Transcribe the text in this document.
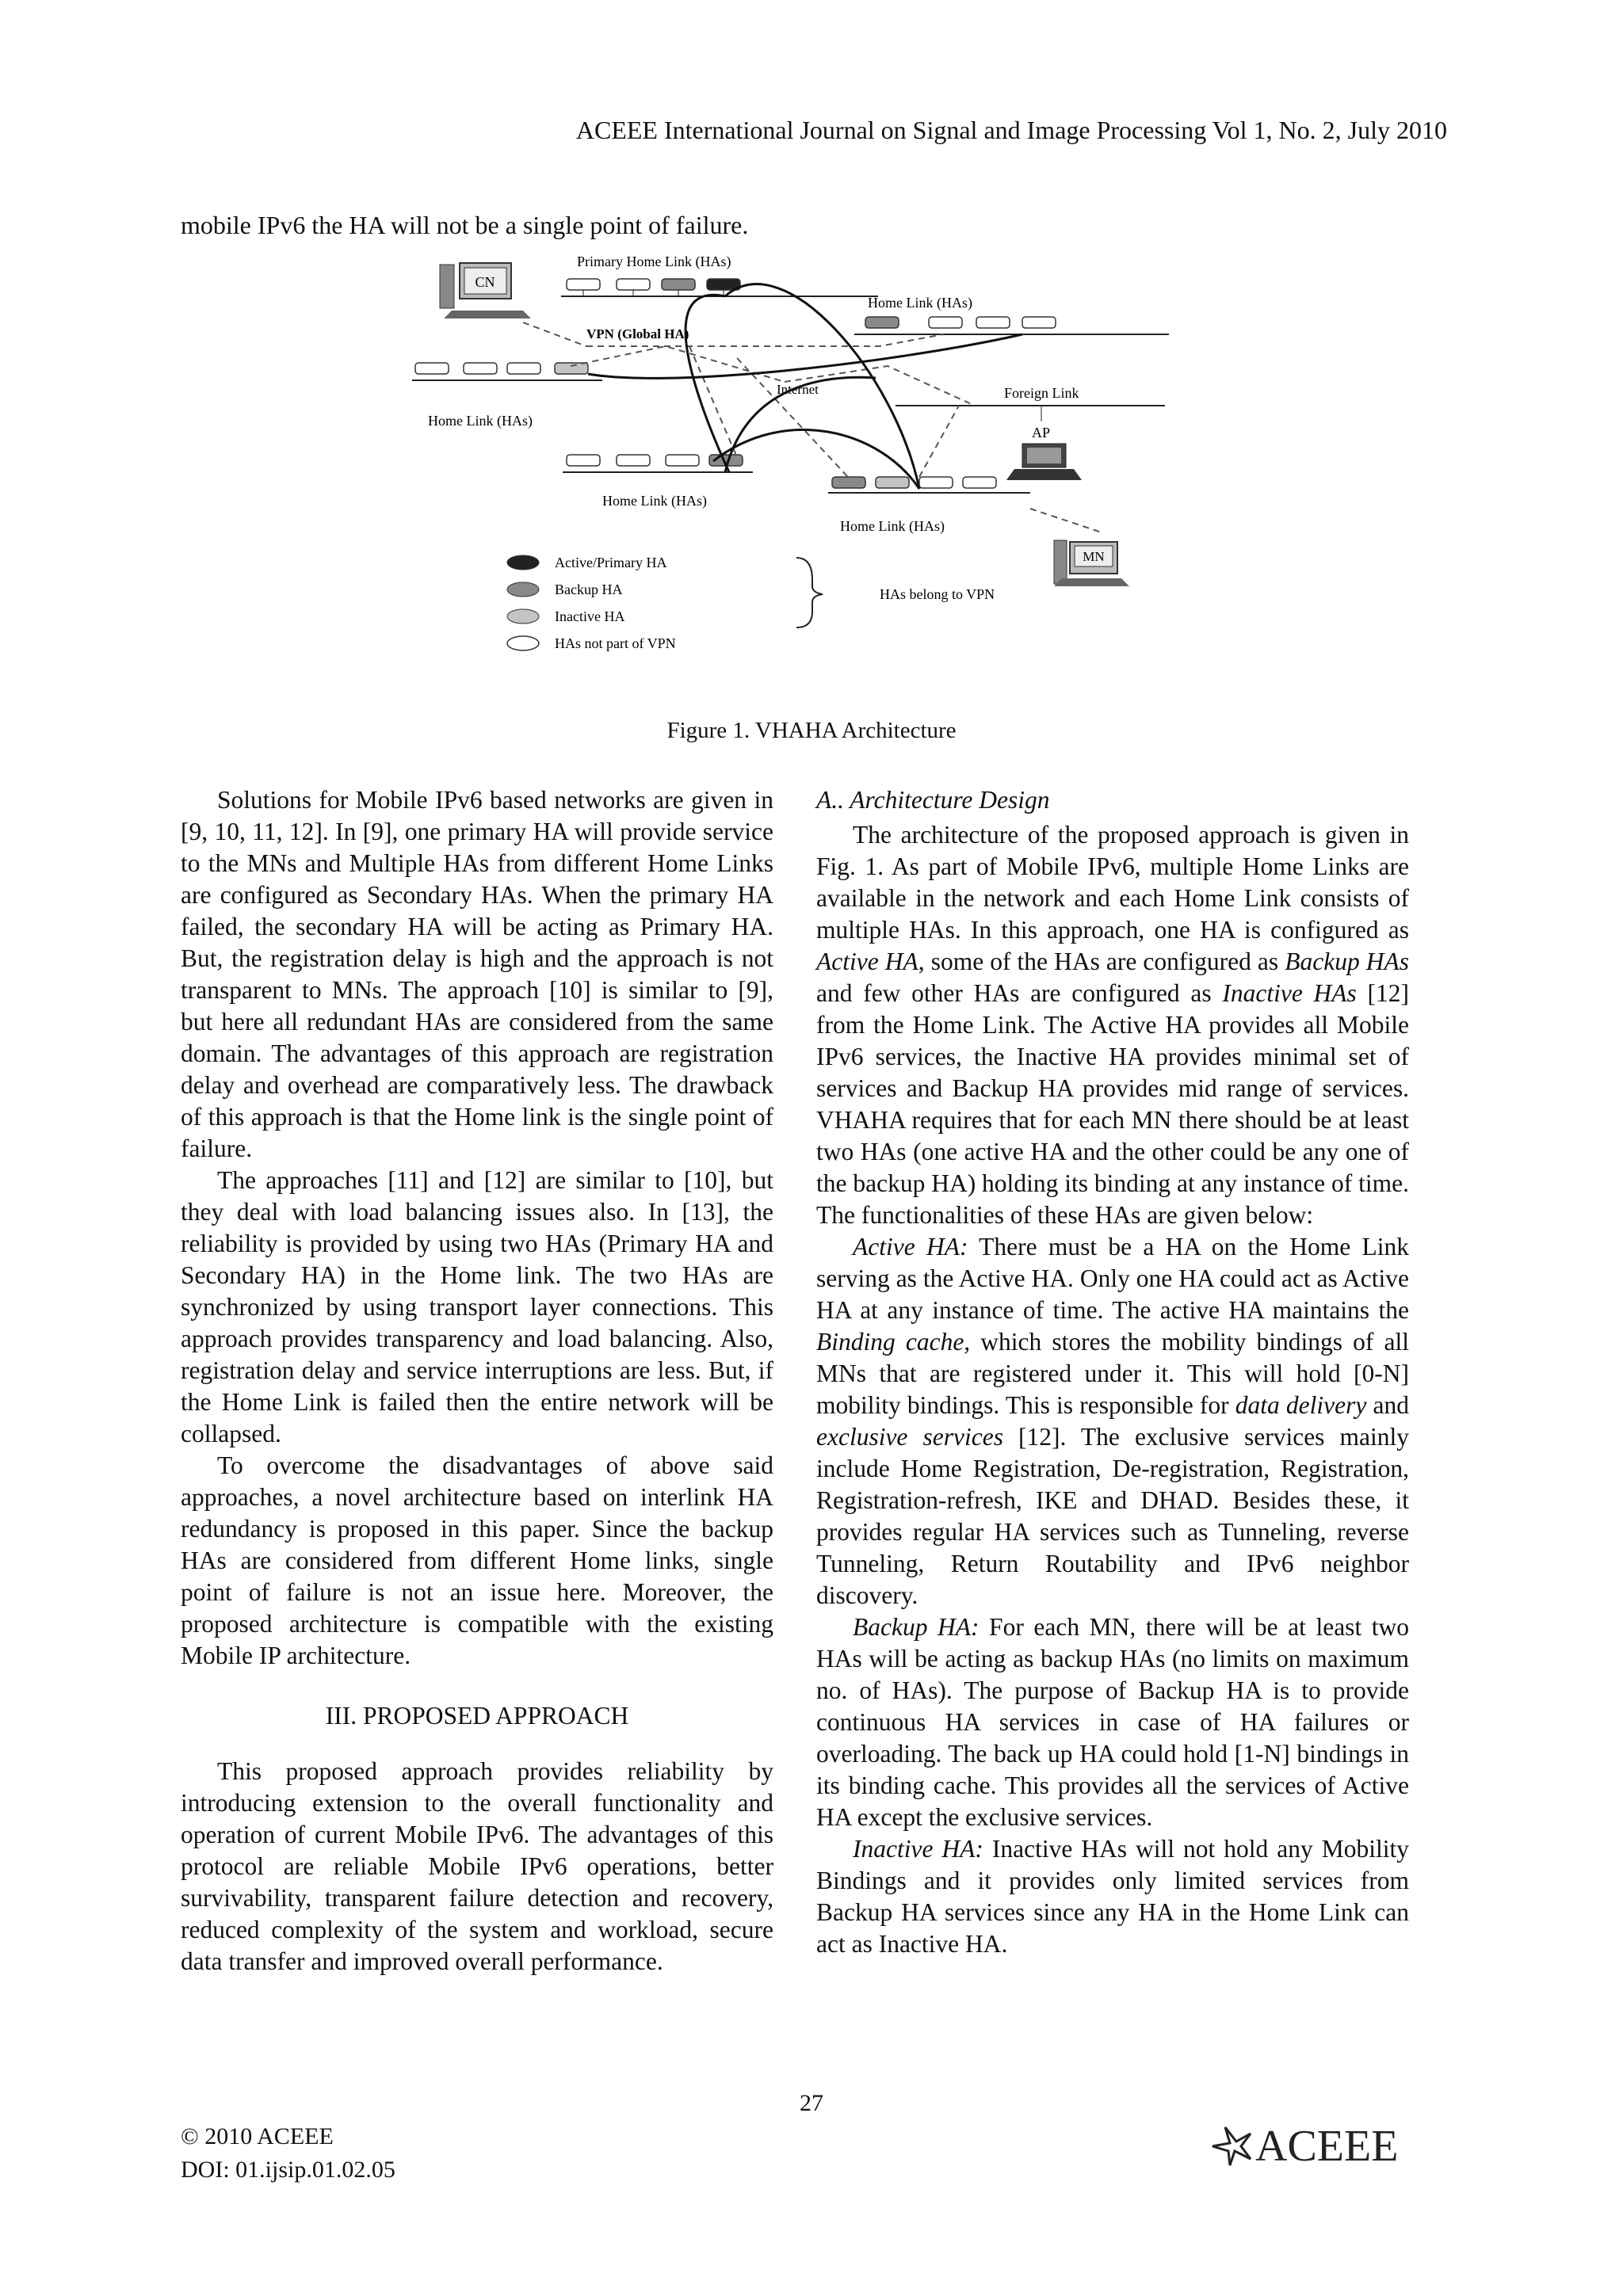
ACEEE International Journal on Signal and Image Processing Vol 1, No. 2, July 2010
mobile IPv6 the HA will not be a single point of failure.
CN
Primary Home Link (HAs)
Home Link (HAs)
VPN (Global HA)
Home Link (HAs)
Internet	Foreign Link
AP
Home Link (HAs)
Home Link (HAs)
MN
Active/Primary HA
Backup HA
Inactive HA
HAs not part of VPN
HAs belong to VPN
Figure 1. VHAHA Architecture

Solutions for Mobile IPv6 based networks are given in [9, 10, 11, 12]. In [9], one primary HA will provide service to the MNs and Multiple HAs from different Home Links are configured as Secondary HAs. When the primary HA failed, the secondary HA will be acting as Primary HA. But, the registration delay is high and the approach is not transparent to MNs. The approach [10] is similar to [9], but here all redundant HAs are considered from the same domain. The advantages of this approach are registration delay and overhead are comparatively less. The drawback of this approach is that the Home link is the single point of failure.

The approaches [11] and [12] are similar to [10], but they deal with load balancing issues also. In [13], the reliability is provided by using two HAs (Primary HA and Secondary HA) in the Home link. The two HAs are synchronized by using transport layer connections. This approach provides transparency and load balancing. Also, registration delay and service interruptions are less. But, if the Home Link is failed then the entire network will be collapsed.

To overcome the disadvantages of above said approaches, a novel architecture based on interlink HA redundancy is proposed in this paper. Since the backup HAs are considered from different Home links, single point of failure is not an issue here. Moreover, the proposed architecture is compatible with the existing Mobile IP architecture.

III. PROPOSED APPROACH

This proposed approach provides reliability by introducing extension to the overall functionality and operation of current Mobile IPv6. The advantages of this protocol are reliable Mobile IPv6 operations, better survivability, transparent failure detection and recovery, reduced complexity of the system and workload, secure data transfer and improved overall performance.

A.. Architecture Design

The architecture of the proposed approach is given in Fig. 1. As part of Mobile IPv6, multiple Home Links are available in the network and each Home Link consists of multiple HAs. In this approach, one HA is configured as Active HA, some of the HAs are configured as Backup HAs and few other HAs are configured as Inactive HAs [12] from the Home Link. The Active HA provides all Mobile IPv6 services, the Inactive HA provides minimal set of services and Backup HA provides mid range of services. VHAHA requires that for each MN there should be at least two HAs (one active HA and the other could be any one of the backup HA) holding its binding at any instance of time. The functionalities of these HAs are given below:

Active HA: There must be a HA on the Home Link serving as the Active HA. Only one HA could act as Active HA at any instance of time. The active HA maintains the Binding cache, which stores the mobility bindings of all MNs that are registered under it. This will hold [0-N] mobility bindings. This is responsible for data delivery and exclusive services [12]. The exclusive services mainly include Home Registration, De-registration, Registration, Registration-refresh, IKE and DHAD. Besides these, it provides regular HA services such as Tunneling, reverse Tunneling, Return Routability and IPv6 neighbor discovery.

Backup HA: For each MN, there will be at least two HAs will be acting as backup HAs (no limits on maximum no. of HAs). The purpose of Backup HA is to provide continuous HA services in case of HA failures or overloading. The back up HA could hold [1-N] bindings in its binding cache. This provides all the services of Active HA except the exclusive services.

Inactive HA: Inactive HAs will not hold any Mobility Bindings and it provides only limited services from Backup HA services since any HA in the Home Link can act as Inactive HA.

27
© 2010 ACEEE
DOI: 01.ijsip.01.02.05	ACEEE
